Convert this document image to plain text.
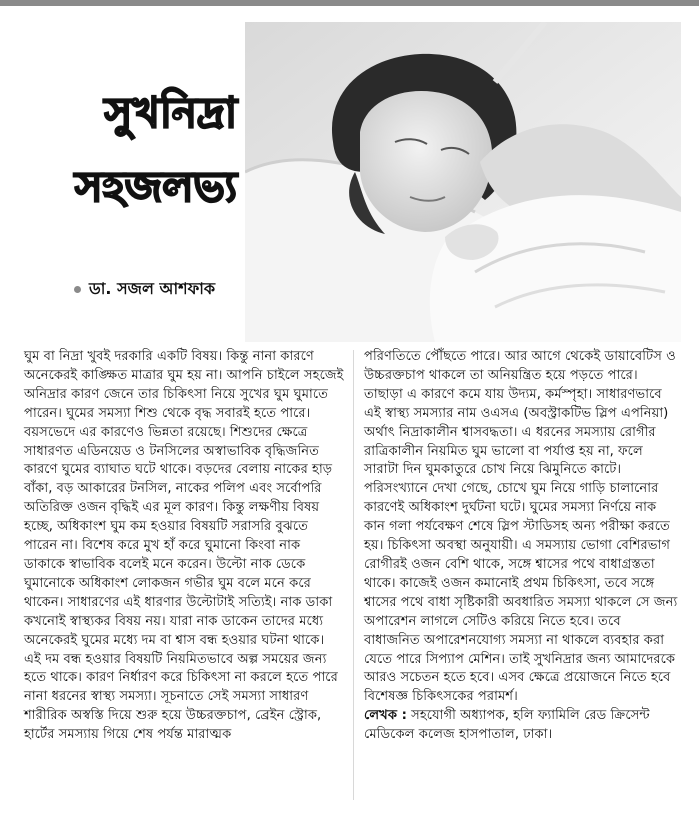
সুখনিদ্রা
সহজলভ্য
ডা. সজল আশফাক

ঘুম বা নিদ্রা খুবই দরকারি একটি বিষয়। কিন্তু নানা কারণে অনেকেরই কাঙ্ক্ষিত মাত্রার ঘুম হয় না। আপনি চাইলে সহজেই অনিদ্রার কারণ জেনে তার চিকিৎসা নিয়ে সুখের ঘুম ঘুমাতে পারেন। ঘুমের সমস্যা শিশু থেকে বৃদ্ধ সবারই হতে পারে। বয়সভেদে এর কারণেও ভিন্নতা রয়েছে। শিশুদের ক্ষেত্রে সাধারণত এডিনয়েড ও টনসিলের অস্বাভাবিক বৃদ্ধিজনিত কারণে ঘুমের ব্যাঘাত ঘটে থাকে। বড়দের বেলায় নাকের হাড় বাঁকা, বড় আকারের টনসিল, নাকের পলিপ এবং সর্বোপরি অতিরিক্ত ওজন বৃদ্ধিই এর মূল কারণ। কিন্তু লক্ষণীয় বিষয় হচ্ছে, অধিকাংশ ঘুম কম হওয়ার বিষয়টি সরাসরি বুঝতে পারেন না। বিশেষ করে মুখ হাঁ করে ঘুমানো কিংবা নাক ডাকাকে স্বাভাবিক বলেই মনে করেন। উল্টো নাক ডেকে ঘুমানোকে অধিকাংশ লোকজন গভীর ঘুম বলে মনে করে থাকেন। সাধারণের এই ধারণার উল্টোটাই সত্যিই। নাক ডাকা কখনোই স্বাস্থ্যকর বিষয় নয়। যারা নাক ডাকেন তাদের মধ্যে অনেকেরই ঘুমের মধ্যে দম বা শ্বাস বন্ধ হওয়ার ঘটনা থাকে। এই দম বন্ধ হওয়ার বিষয়টি নিয়মিতভাবে অল্প সময়ের জন্য হতে থাকে। কারণ নির্ধারণ করে চিকিৎসা না করলে হতে পারে নানা ধরনের স্বাস্থ্য সমস্যা। সূচনাতে সেই সমস্যা সাধারণ শারীরিক অস্বস্তি দিয়ে শুরু হয়ে উচ্চরক্তচাপ, ব্রেইন স্ট্রোক, হার্টের সমস্যায় গিয়ে শেষ পর্যন্ত মারাত্মক

পরিণতিতে পৌঁছতে পারে। আর আগে থেকেই ডায়াবেটিস ও উচ্চরক্তচাপ থাকলে তা অনিয়ন্ত্রিত হয়ে পড়তে পারে। তাছাড়া এ কারণে কমে যায় উদ্যম, কর্মস্পৃহা। সাধারণভাবে এই স্বাস্থ্য সমস্যার নাম ওএসএ (অবস্ট্রাকটিভ স্লিপ এপনিয়া) অর্থাৎ নিদ্রাকালীন শ্বাসবদ্ধতা। এ ধরনের সমস্যায় রোগীর রাত্রিকালীন নিয়মিত ঘুম ভালো বা পর্যাপ্ত হয় না, ফলে সারাটা দিন ঘুমকাতুরে চোখ নিয়ে ঝিমুনিতে কাটে। পরিসংখ্যানে দেখা গেছে, চোখে ঘুম নিয়ে গাড়ি চালানোর কারণেই অধিকাংশ দুর্ঘটনা ঘটে। ঘুমের সমস্যা নির্ণয়ে নাক কান গলা পর্যবেক্ষণ শেষে স্লিপ স্টাডিসহ অন্য পরীক্ষা করতে হয়। চিকিৎসা অবস্থা অনুযায়ী। এ সমস্যায় ভোগা বেশিরভাগ রোগীরই ওজন বেশি থাকে, সঙ্গে শ্বাসের পথে বাধাগ্রস্ততা থাকে। কাজেই ওজন কমানোই প্রথম চিকিৎসা, তবে সঙ্গে শ্বাসের পথে বাধা সৃষ্টিকারী অবধারিত সমস্যা থাকলে সে জন্য অপারেশন লাগলে সেটিও করিয়ে নিতে হবে। তবে বাধাজনিত অপারেশনযোগ্য সমস্যা না থাকলে ব্যবহার করা যেতে পারে সিপ্যাপ মেশিন। তাই সুখনিদ্রার জন্য আমাদেরকে আরও সচেতন হতে হবে। এসব ক্ষেত্রে প্রয়োজনে নিতে হবে বিশেষজ্ঞ চিকিৎসকের পরামর্শ।

লেখক : সহযোগী অধ্যাপক, হলি ফ্যামিলি রেড ক্রিসেন্ট মেডিকেল কলেজ হাসপাতাল, ঢাকা।
